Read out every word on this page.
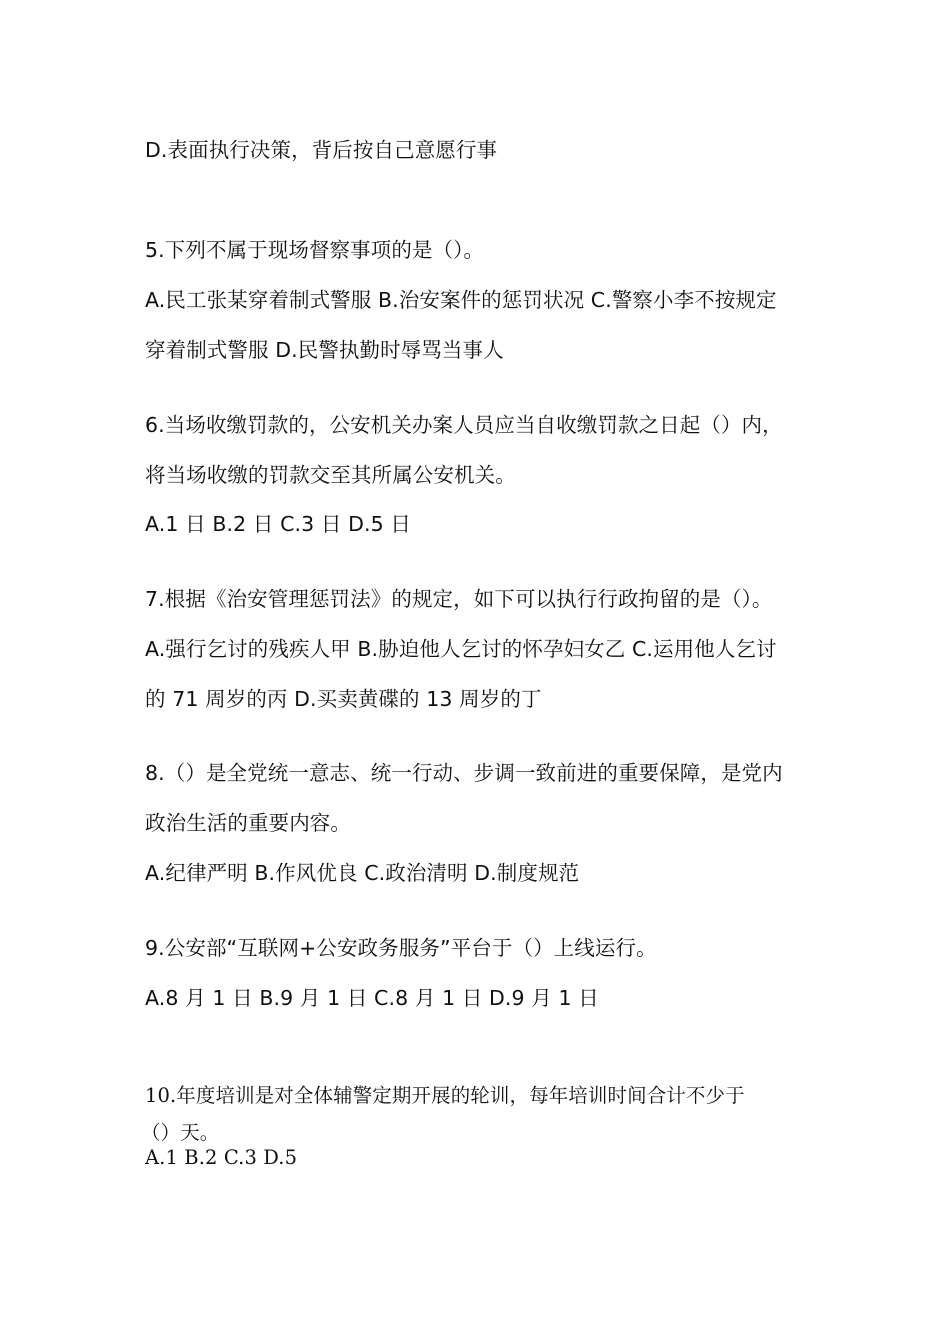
D.表面执行决策，背后按自己意愿行事
5.下列不属于现场督察事项的是（）。
A.民工张某穿着制式警服 B.治安案件的惩罚状况 C.警察小李不按规定
穿着制式警服 D.民警执勤时辱骂当事人
6.当场收缴罚款的，公安机关办案人员应当自收缴罚款之日起（）内，
将当场收缴的罚款交至其所属公安机关。
A.1 日 B.2 日 C.3 日 D.5 日
7.根据《治安管理惩罚法》的规定，如下可以执行行政拘留的是（）。
A.强行乞讨的残疾人甲 B.胁迫他人乞讨的怀孕妇女乙 C.运用他人乞讨
的 71 周岁的丙 D.买卖黄碟的 13 周岁的丁
8.（）是全党统一意志、统一行动、步调一致前进的重要保障，是党内
政治生活的重要内容。
A.纪律严明 B.作风优良 C.政治清明 D.制度规范
9.公安部“互联网+公安政务服务”平台于（）上线运行。
A.8 月 1 日 B.9 月 1 日 C.8 月 1 日 D.9 月 1 日
10.年度培训是对全体辅警定期开展的轮训，每年培训时间合计不少于
（）天。
A.1 B.2 C.3 D.5
